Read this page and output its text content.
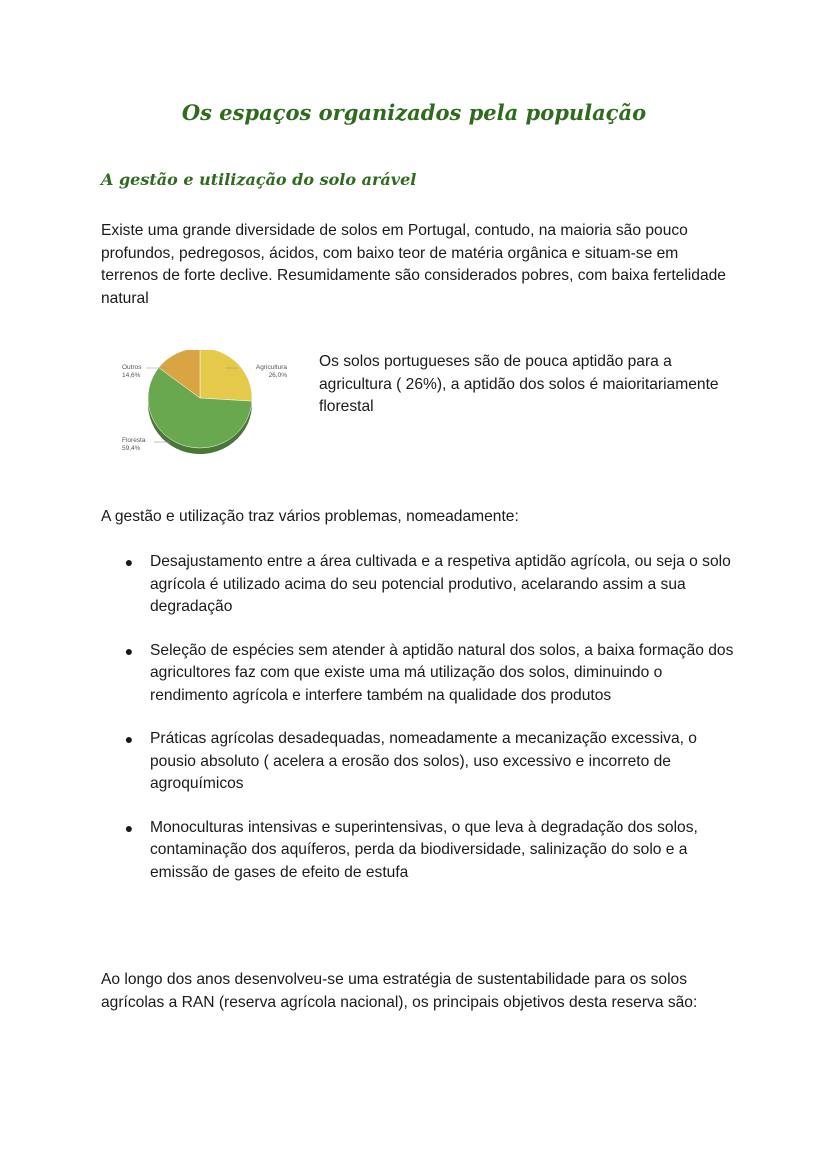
Os espaços organizados pela população
A gestão e utilização do solo arável

Existe uma grande diversidade de solos em Portugal, contudo, na maioria são pouco profundos, pedregosos, ácidos, com baixo teor de matéria orgânica e situam-se em terrenos de forte declive. Resumidamente são considerados pobres, com baixa fertelidade natural

Agricultura
26,0%
Floresta
59,4%
Outros
14,6%

Os solos portugueses são de pouca aptidão para a agricultura ( 26%), a aptidão dos solos é maioritariamente florestal

A gestão e utilização traz vários problemas, nomeadamente:

● Desajustamento entre a área cultivada e a respetiva aptidão agrícola, ou seja o solo agrícola é utilizado acima do seu potencial produtivo, acelarando assim a sua degradação
● Seleção de espécies sem atender à aptidão natural dos solos, a baixa formação dos agricultores faz com que existe uma má utilização dos solos, diminuindo o rendimento agrícola e interfere também na qualidade dos produtos
● Práticas agrícolas desadequadas, nomeadamente a mecanização excessiva, o pousio absoluto ( acelera a erosão dos solos), uso excessivo e incorreto de agroquímicos
● Monoculturas intensivas e superintensivas, o que leva à degradação dos solos, contaminação dos aquíferos, perda da biodiversidade, salinização do solo e a emissão de gases de efeito de estufa

Ao longo dos anos desenvolveu-se uma estratégia de sustentabilidade para os solos agrícolas a RAN (reserva agrícola nacional), os principais objetivos desta reserva são:
